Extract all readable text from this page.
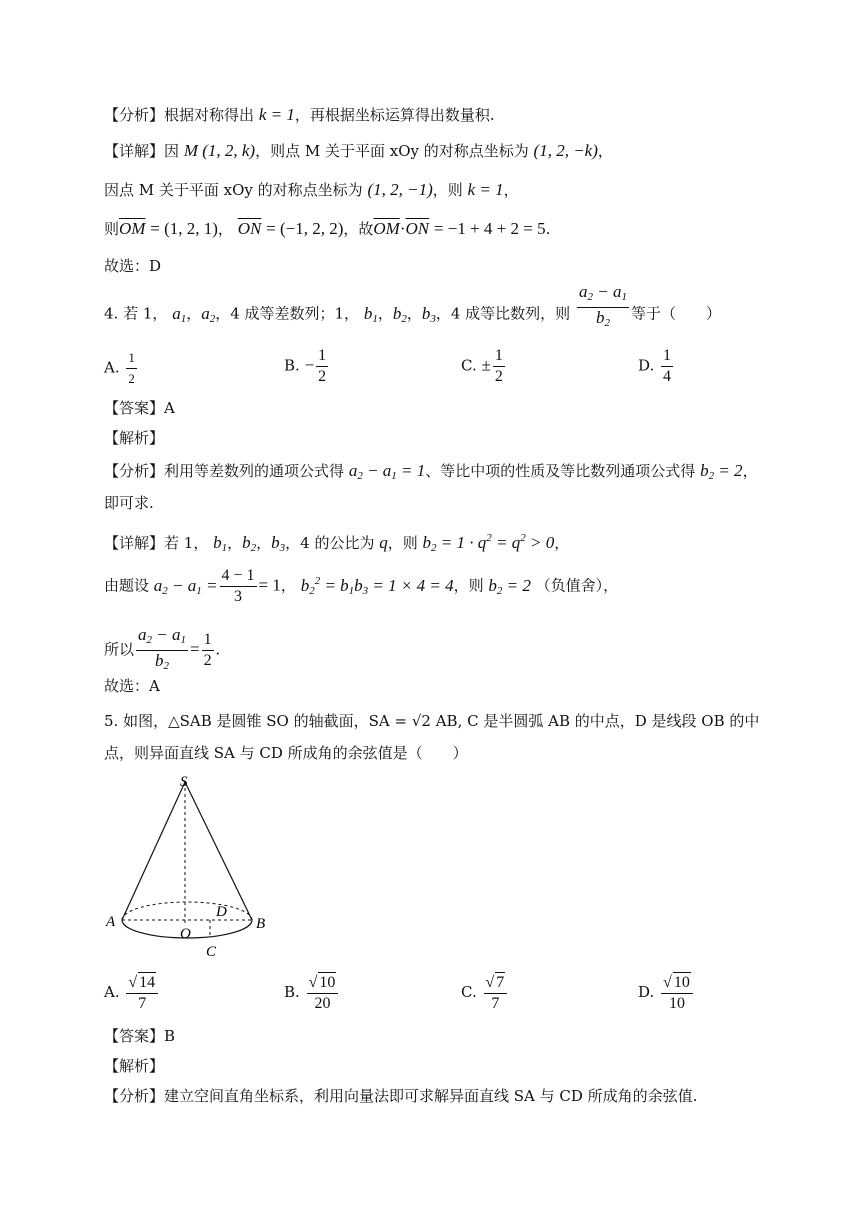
【分析】根据对称得出 k = 1，再根据坐标运算得出数量积.
【详解】因 M (1, 2, k)，则点 M 关于平面 xOy 的对称点坐标为 (1, 2, −k)，
因点 M 关于平面 xOy 的对称点坐标为 (1, 2, −1)，则 k = 1，
则$\overline{OM} = (1$, 2, 1)， $\overline{ON} = (-1$, 2, 2)，故$\overline{OM}\cdot\overline{ON} = -1 + 4 + 2 = 5$.
故选：D
4. 若 1， $a_1$，$a_2$，4 成等差数列；1， $b_1$，$b_2$，$b_3$，4 成等比数列，则 $\frac{a_2 - a_1}{b_2}$ 等于（　　）
A. $\frac{1}{2}$	B. − $\frac{1}{2}$	C. ± $\frac{1}{2}$	D. $\frac{1}{4}$
【答案】A
【解析】
【分析】利用等差数列的通项公式得 $a_2 - a_1 = 1$、等比中项的性质及等比数列通项公式得 $b_2 = 2$，
即可求.
【详解】若 1， $b_1$，$b_2$，$b_3$，4 的公比为 q，则 $b_2 = 1 \cdot q^2 = q^2 > 0$，
由题设 $a_2 - a_1 = \frac{4 - 1}{3} = 1$， $b_2^2 = b_1b_3 = 1 \times 4 = 4$，则 $b_2 = 2$ （负值舍），
所以 $\frac{a_2 - a_1}{b_2} = \frac{1}{2}$ .
故选：A
5. 如图，△SAB 是圆锥 SO 的轴截面，SA = √2 AB, C 是半圆弧 AB 的中点，D 是线段 OB 的中
点，则异面直线 SA 与 CD 所成角的余弦值是（　　）
S
A	B
O
D
C
A. $\frac{√ 14}{7}$	B. $\frac{√ 10}{20}$	C. $\frac{√ 7}{7}$	D. $\frac{√ 10}{10}$
【答案】B
【解析】
【分析】建立空间直角坐标系，利用向量法即可求解异面直线 SA 与 CD 所成角的余弦值.
